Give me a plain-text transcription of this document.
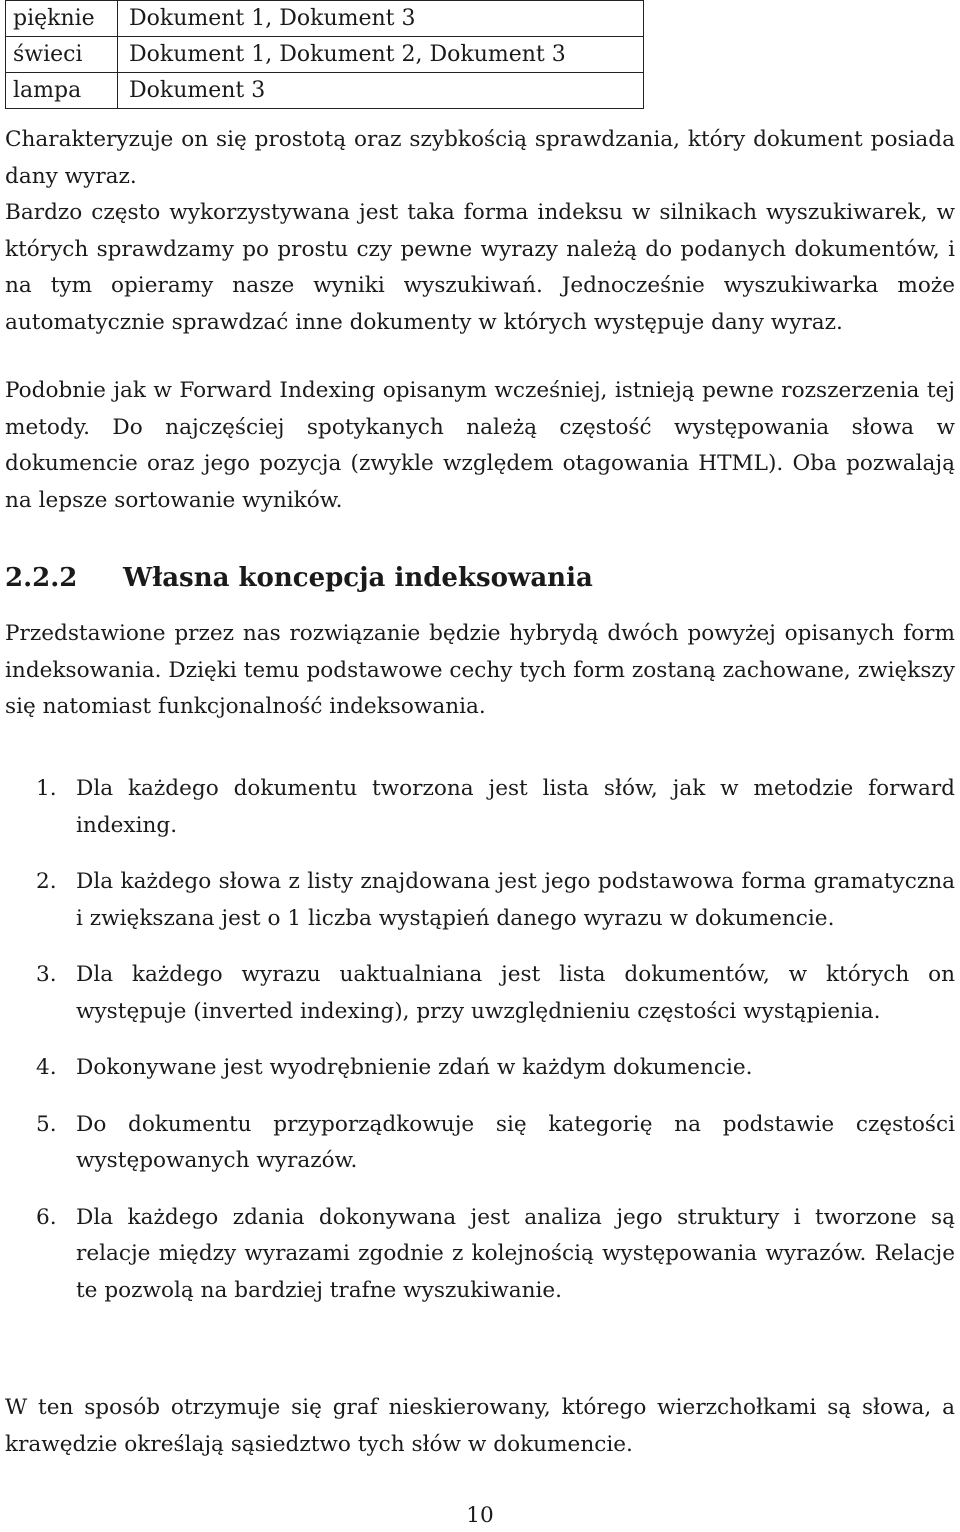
pięknie	Dokument 1, Dokument 3
świeci	Dokument 1, Dokument 2, Dokument 3
lampa	Dokument 3

Charakteryzuje on się prostotą oraz szybkością sprawdzania, który dokument posiada dany wyraz.

Bardzo często wykorzystywana jest taka forma indeksu w silnikach wyszukiwarek, w których sprawdzamy po prostu czy pewne wyrazy należą do podanych dokumentów, i na tym opieramy nasze wyniki wyszukiwań. Jednocześnie wyszukiwarka może automatycznie sprawdzać inne dokumenty w których występuje dany wyraz.

Podobnie jak w Forward Indexing opisanym wcześniej, istnieją pewne rozszerzenia tej metody. Do najczęściej spotykanych należą częstość występowania słowa w dokumencie oraz jego pozycja (zwykle względem otagowania HTML). Oba pozwalają na lepsze sortowanie wyników.

2.2.2 Własna koncepcja indeksowania

Przedstawione przez nas rozwiązanie będzie hybrydą dwóch powyżej opisanych form indeksowania. Dzięki temu podstawowe cechy tych form zostaną zachowane, zwiększy się natomiast funkcjonalność indeksowania.

1. Dla każdego dokumentu tworzona jest lista słów, jak w metodzie forward indexing.
2. Dla każdego słowa z listy znajdowana jest jego podstawowa forma gramatyczna i zwiększana jest o 1 liczba wystąpień danego wyrazu w dokumencie.
3. Dla każdego wyrazu uaktualniana jest lista dokumentów, w których on występuje (inverted indexing), przy uwzględnieniu częstości wystąpienia.
4. Dokonywane jest wyodrębnienie zdań w każdym dokumencie.
5. Do dokumentu przyporządkowuje się kategorię na podstawie częstości występowanych wyrazów.
6. Dla każdego zdania dokonywana jest analiza jego struktury i tworzone są relacje między wyrazami zgodnie z kolejnością występowania wyrazów. Relacje te pozwolą na bardziej trafne wyszukiwanie.

W ten sposób otrzymuje się graf nieskierowany, którego wierzchołkami są słowa, a krawędzie określają sąsiedztwo tych słów w dokumencie.

10
